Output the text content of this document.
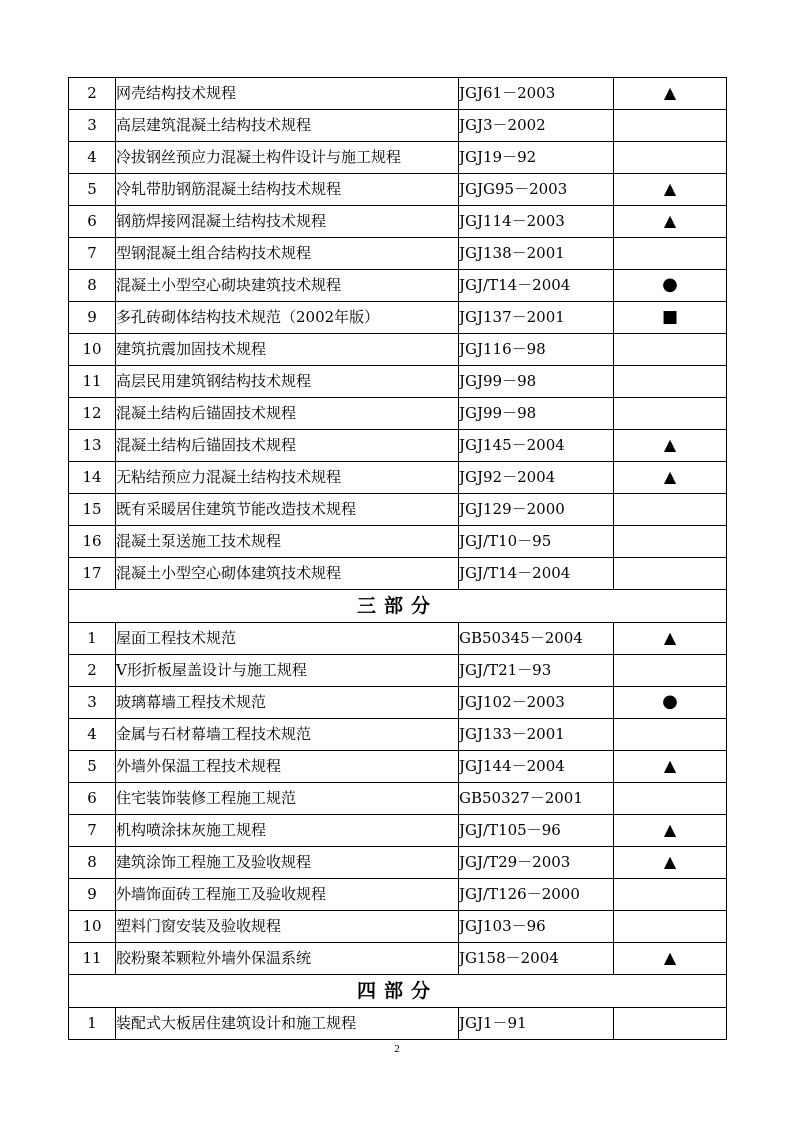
2	网壳结构技术规程	JGJ61－2003	▲
3	高层建筑混凝土结构技术规程	JGJ3－2002	
4	冷拔钢丝预应力混凝土构件设计与施工规程	JGJ19－92	
5	冷轧带肋钢筋混凝土结构技术规程	JGJG95－2003	▲
6	钢筋焊接网混凝土结构技术规程	JGJ114－2003	▲
7	型钢混凝土组合结构技术规程	JGJ138－2001	
8	混凝土小型空心砌块建筑技术规程	JGJ/T14－2004	●
9	多孔砖砌体结构技术规范（2002年版）	JGJ137－2001	■
10	建筑抗震加固技术规程	JGJ116－98	
11	高层民用建筑钢结构技术规程	JGJ99－98	
12	混凝土结构后锚固技术规程	JGJ99－98	
13	混凝土结构后锚固技术规程	JGJ145－2004	▲
14	无粘结预应力混凝土结构技术规程	JGJ92－2004	▲
15	既有采暖居住建筑节能改造技术规程	JGJ129－2000	
16	混凝土泵送施工技术规程	JGJ/T10－95	
17	混凝土小型空心砌体建筑技术规程	JGJ/T14－2004	
三部分			
1	屋面工程技术规范	GB50345－2004	▲
2	V形折板屋盖设计与施工规程	JGJ/T21－93	
3	玻璃幕墙工程技术规范	JGJ102－2003	●
4	金属与石材幕墙工程技术规范	JGJ133－2001	
5	外墙外保温工程技术规程	JGJ144－2004	▲
6	住宅装饰装修工程施工规范	GB50327－2001	
7	机构喷涂抹灰施工规程	JGJ/T105－96	▲
8	建筑涂饰工程施工及验收规程	JGJ/T29－2003	▲
9	外墙饰面砖工程施工及验收规程	JGJ/T126－2000	
10	塑料门窗安装及验收规程	JGJ103－96	
11	胶粉聚苯颗粒外墙外保温系统	JG158－2004	▲
四部分			
1	装配式大板居住建筑设计和施工规程	JGJ1－91	
2
